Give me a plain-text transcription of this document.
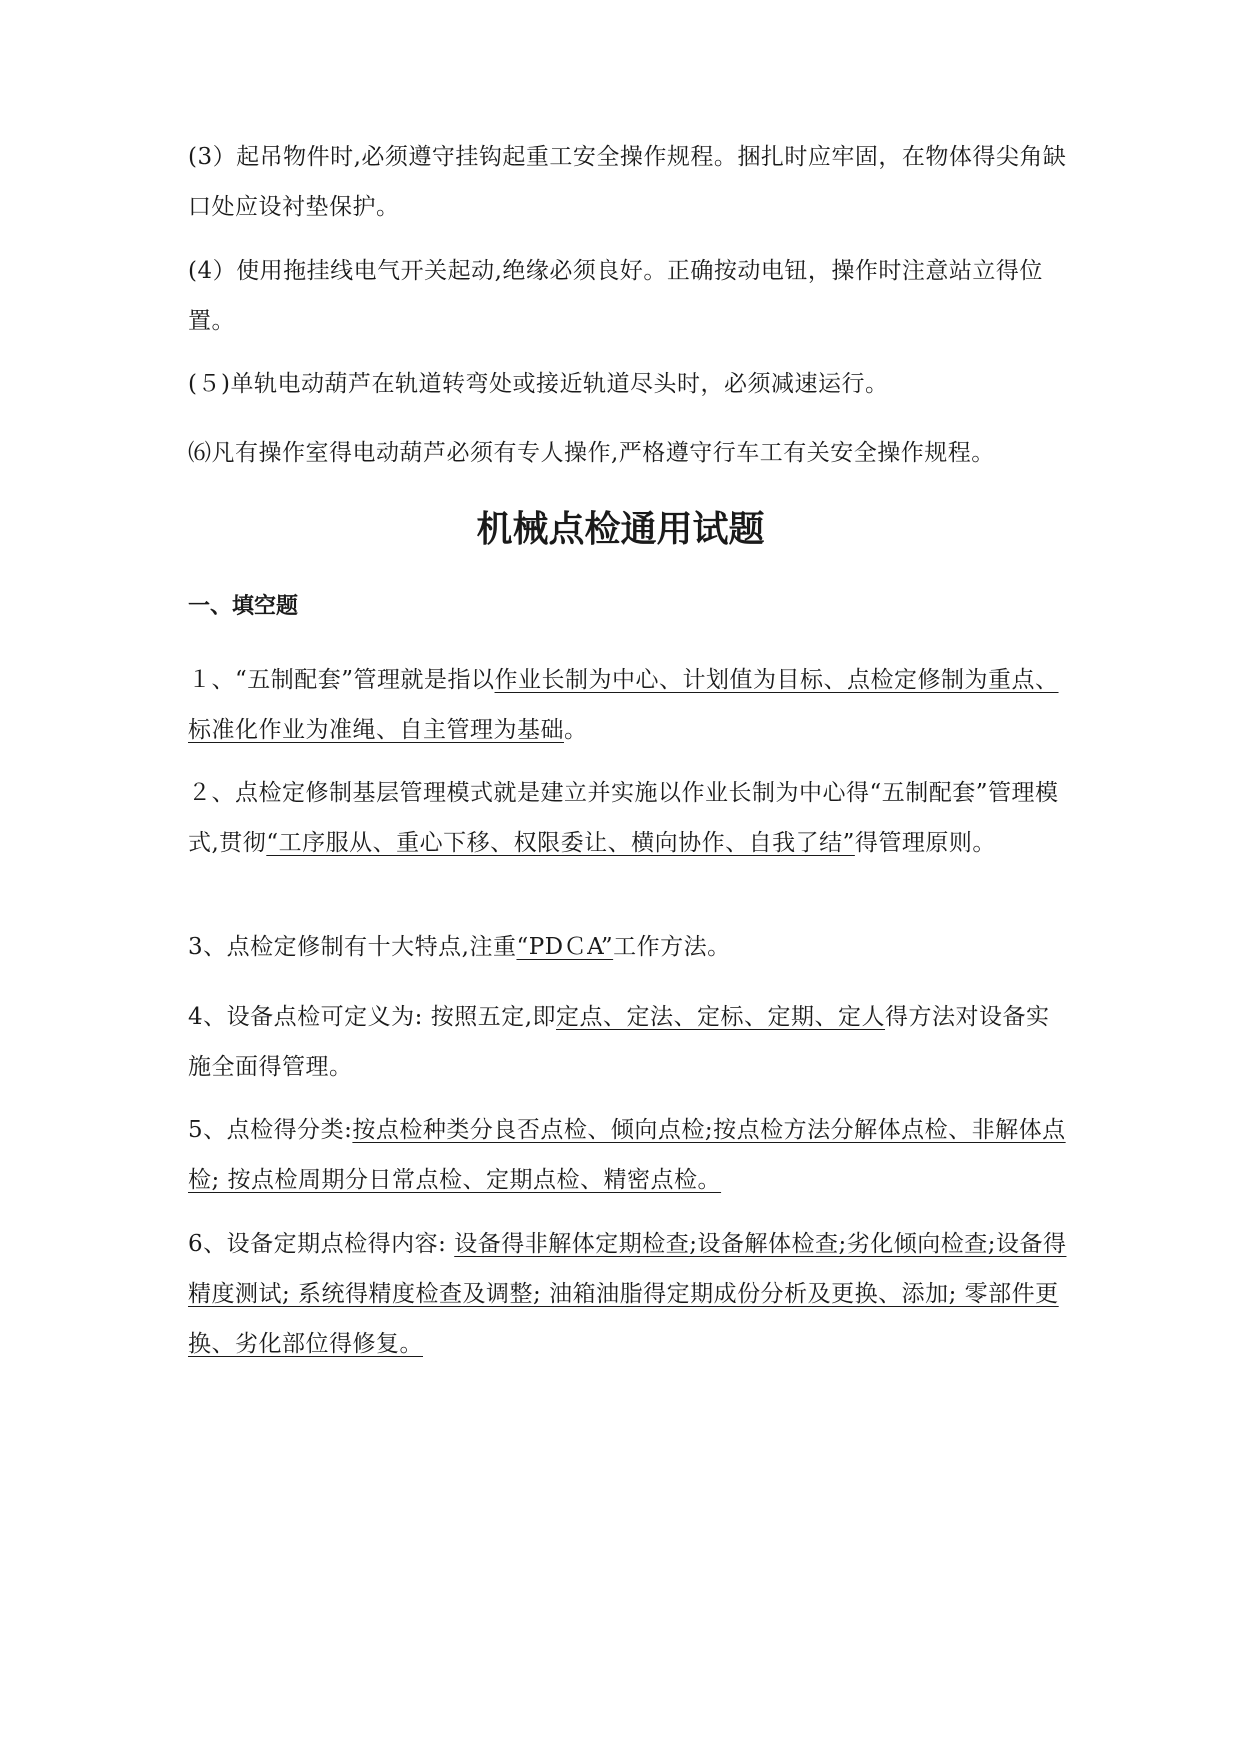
(3）起吊物件时,必须遵守挂钩起重工安全操作规程。捆扎时应牢固，在物体得尖角缺口处应设衬垫保护。

(4）使用拖挂线电气开关起动,绝缘必须良好。正确按动电钮，操作时注意站立得位置。

(５)单轨电动葫芦在轨道转弯处或接近轨道尽头时，必须减速运行。

⑹凡有操作室得电动葫芦必须有专人操作,严格遵守行车工有关安全操作规程。

机械点检通用试题
一、填空题

１、“五制配套”管理就是指以作业长制为中心、计划值为目标、点检定修制为重点、标准化作业为准绳、自主管理为基础。

２、点检定修制基层管理模式就是建立并实施以作业长制为中心得“五制配套”管理模式,贯彻“工序服从、重心下移、权限委让、横向协作、自我了结”得管理原则。

3、点检定修制有十大特点,注重“PDＣA”工作方法。

4、设备点检可定义为: 按照五定,即定点、定法、定标、定期、定人得方法对设备实施全面得管理。

5、点检得分类:按点检种类分良否点检、倾向点检;按点检方法分解体点检、非解体点检; 按点检周期分日常点检、定期点检、精密点检。

6、设备定期点检得内容: 设备得非解体定期检查;设备解体检查;劣化倾向检查;设备得精度测试; 系统得精度检查及调整; 油箱油脂得定期成份分析及更换、添加; 零部件更换、劣化部位得修复。
